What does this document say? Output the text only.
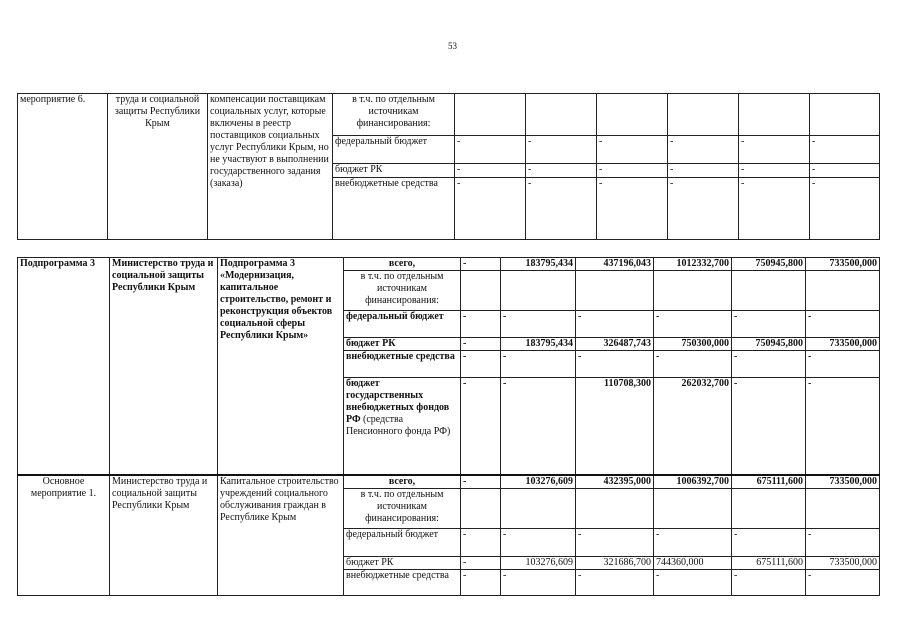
53
мероприятие 6.	труда и социальной защиты Республики Крым	компенсации поставщикам социальных услуг, которые включены в реестр поставщиков социальных услуг Республики Крым, но не участвуют в выполнении государственного задания (заказа)	в т.ч. по отдельным источникам финансирования:						
			федеральный бюджет	-	-	-	-	-	-
			бюджет РК	-	-	-	-	-	-
			внебюджетные средства	-	-	-	-	-	-
Подпрограмма 3	Министерство труда и социальной защиты Республики Крым	Подпрограмма 3 «Модернизация, капитальное строительство, ремонт и реконструкция объектов социальной сферы Республики Крым»	всего,	-	183795,434	437196,043	1012332,700	750945,800	733500,000
			в т.ч. по отдельным источникам финансирования:						
			федеральный бюджет	-	-	-	-	-	-
			бюджет РК	-	183795,434	326487,743	750300,000	750945,800	733500,000
			внебюджетные средства	-	-	-	-	-	-
			бюджет государственных внебюджетных фондов РФ (средства Пенсионного фонда РФ)	-	-	110708,300	262032,700	-	-
Основное мероприятие 1.	Министерство труда и социальной защиты Республики Крым	Капитальное строительство учреждений социального обслуживания граждан в Республике Крым	всего,	-	103276,609	432395,000	1006392,700	675111,600	733500,000
			в т.ч. по отдельным источникам финансирования:						
			федеральный бюджет	-	-	-	-	-	-
			бюджет РК	-	103276,609	321686,700	744360,000	675111,600	733500,000
			внебюджетные средства	-	-	-	-	-	-
